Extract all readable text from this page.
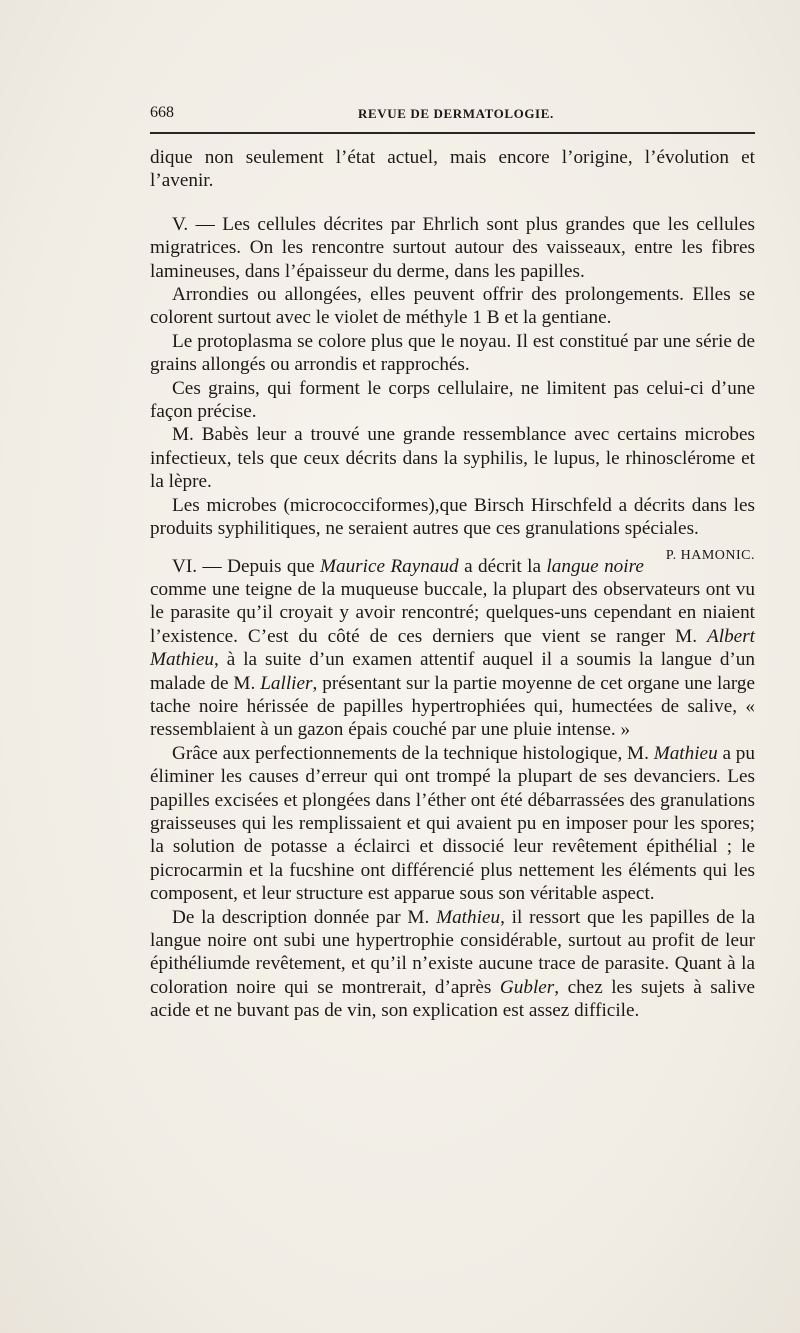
668	REVUE DE DERMATOLOGIE.

dique non seulement l’état actuel, mais encore l’origine, l’évolution et l’avenir.

V. — Les cellules décrites par Ehrlich sont plus grandes que les cellules migratrices. On les rencontre surtout autour des vaisseaux, entre les fibres lamineuses, dans l’épaisseur du derme, dans les papilles.

Arrondies ou allongées, elles peuvent offrir des prolongements. Elles se colorent surtout avec le violet de méthyle 1 B et la gentiane.

Le protoplasma se colore plus que le noyau. Il est constitué par une série de grains allongés ou arrondis et rapprochés.

Ces grains, qui forment le corps cellulaire, ne limitent pas celui-ci d’une façon précise.

M. Babès leur a trouvé une grande ressemblance avec certains microbes infectieux, tels que ceux décrits dans la syphilis, le lupus, le rhinosclérome et la lèpre.

Les microbes (micrococciformes),que Birsch Hirschfeld a décrits dans les produits syphilitiques, ne seraient autres que ces granulations spéciales.
P. HAMONIC.

VI. — Depuis que Maurice Raynaud a décrit la langue noire comme une teigne de la muqueuse buccale, la plupart des observateurs ont vu le parasite qu’il croyait y avoir rencontré; quelques-uns cependant en niaient l’existence. C’est du côté de ces derniers que vient se ranger M. Albert Mathieu, à la suite d’un examen attentif auquel il a soumis la langue d’un malade de M. Lallier, présentant sur la partie moyenne de cet organe une large tache noire hérissée de papilles hypertrophiées qui, humectées de salive, « ressemblaient à un gazon épais couché par une pluie intense. »

Grâce aux perfectionnements de la technique histologique, M. Mathieu a pu éliminer les causes d’erreur qui ont trompé la plupart de ses devanciers. Les papilles excisées et plongées dans l’éther ont été débarrassées des granulations graisseuses qui les remplissaient et qui avaient pu en imposer pour les spores; la solution de potasse a éclairci et dissocié leur revêtement épithélial ; le picrocarmin et la fucshine ont différencié plus nettement les éléments qui les composent, et leur structure est apparue sous son véritable aspect.

De la description donnée par M. Mathieu, il ressort que les papilles de la langue noire ont subi une hypertrophie considérable, surtout au profit de leur épithéliumde revêtement, et qu’il n’existe aucune trace de parasite. Quant à la coloration noire qui se montrerait, d’après Gubler, chez les sujets à salive acide et ne buvant pas de vin, son explication est assez difficile.
